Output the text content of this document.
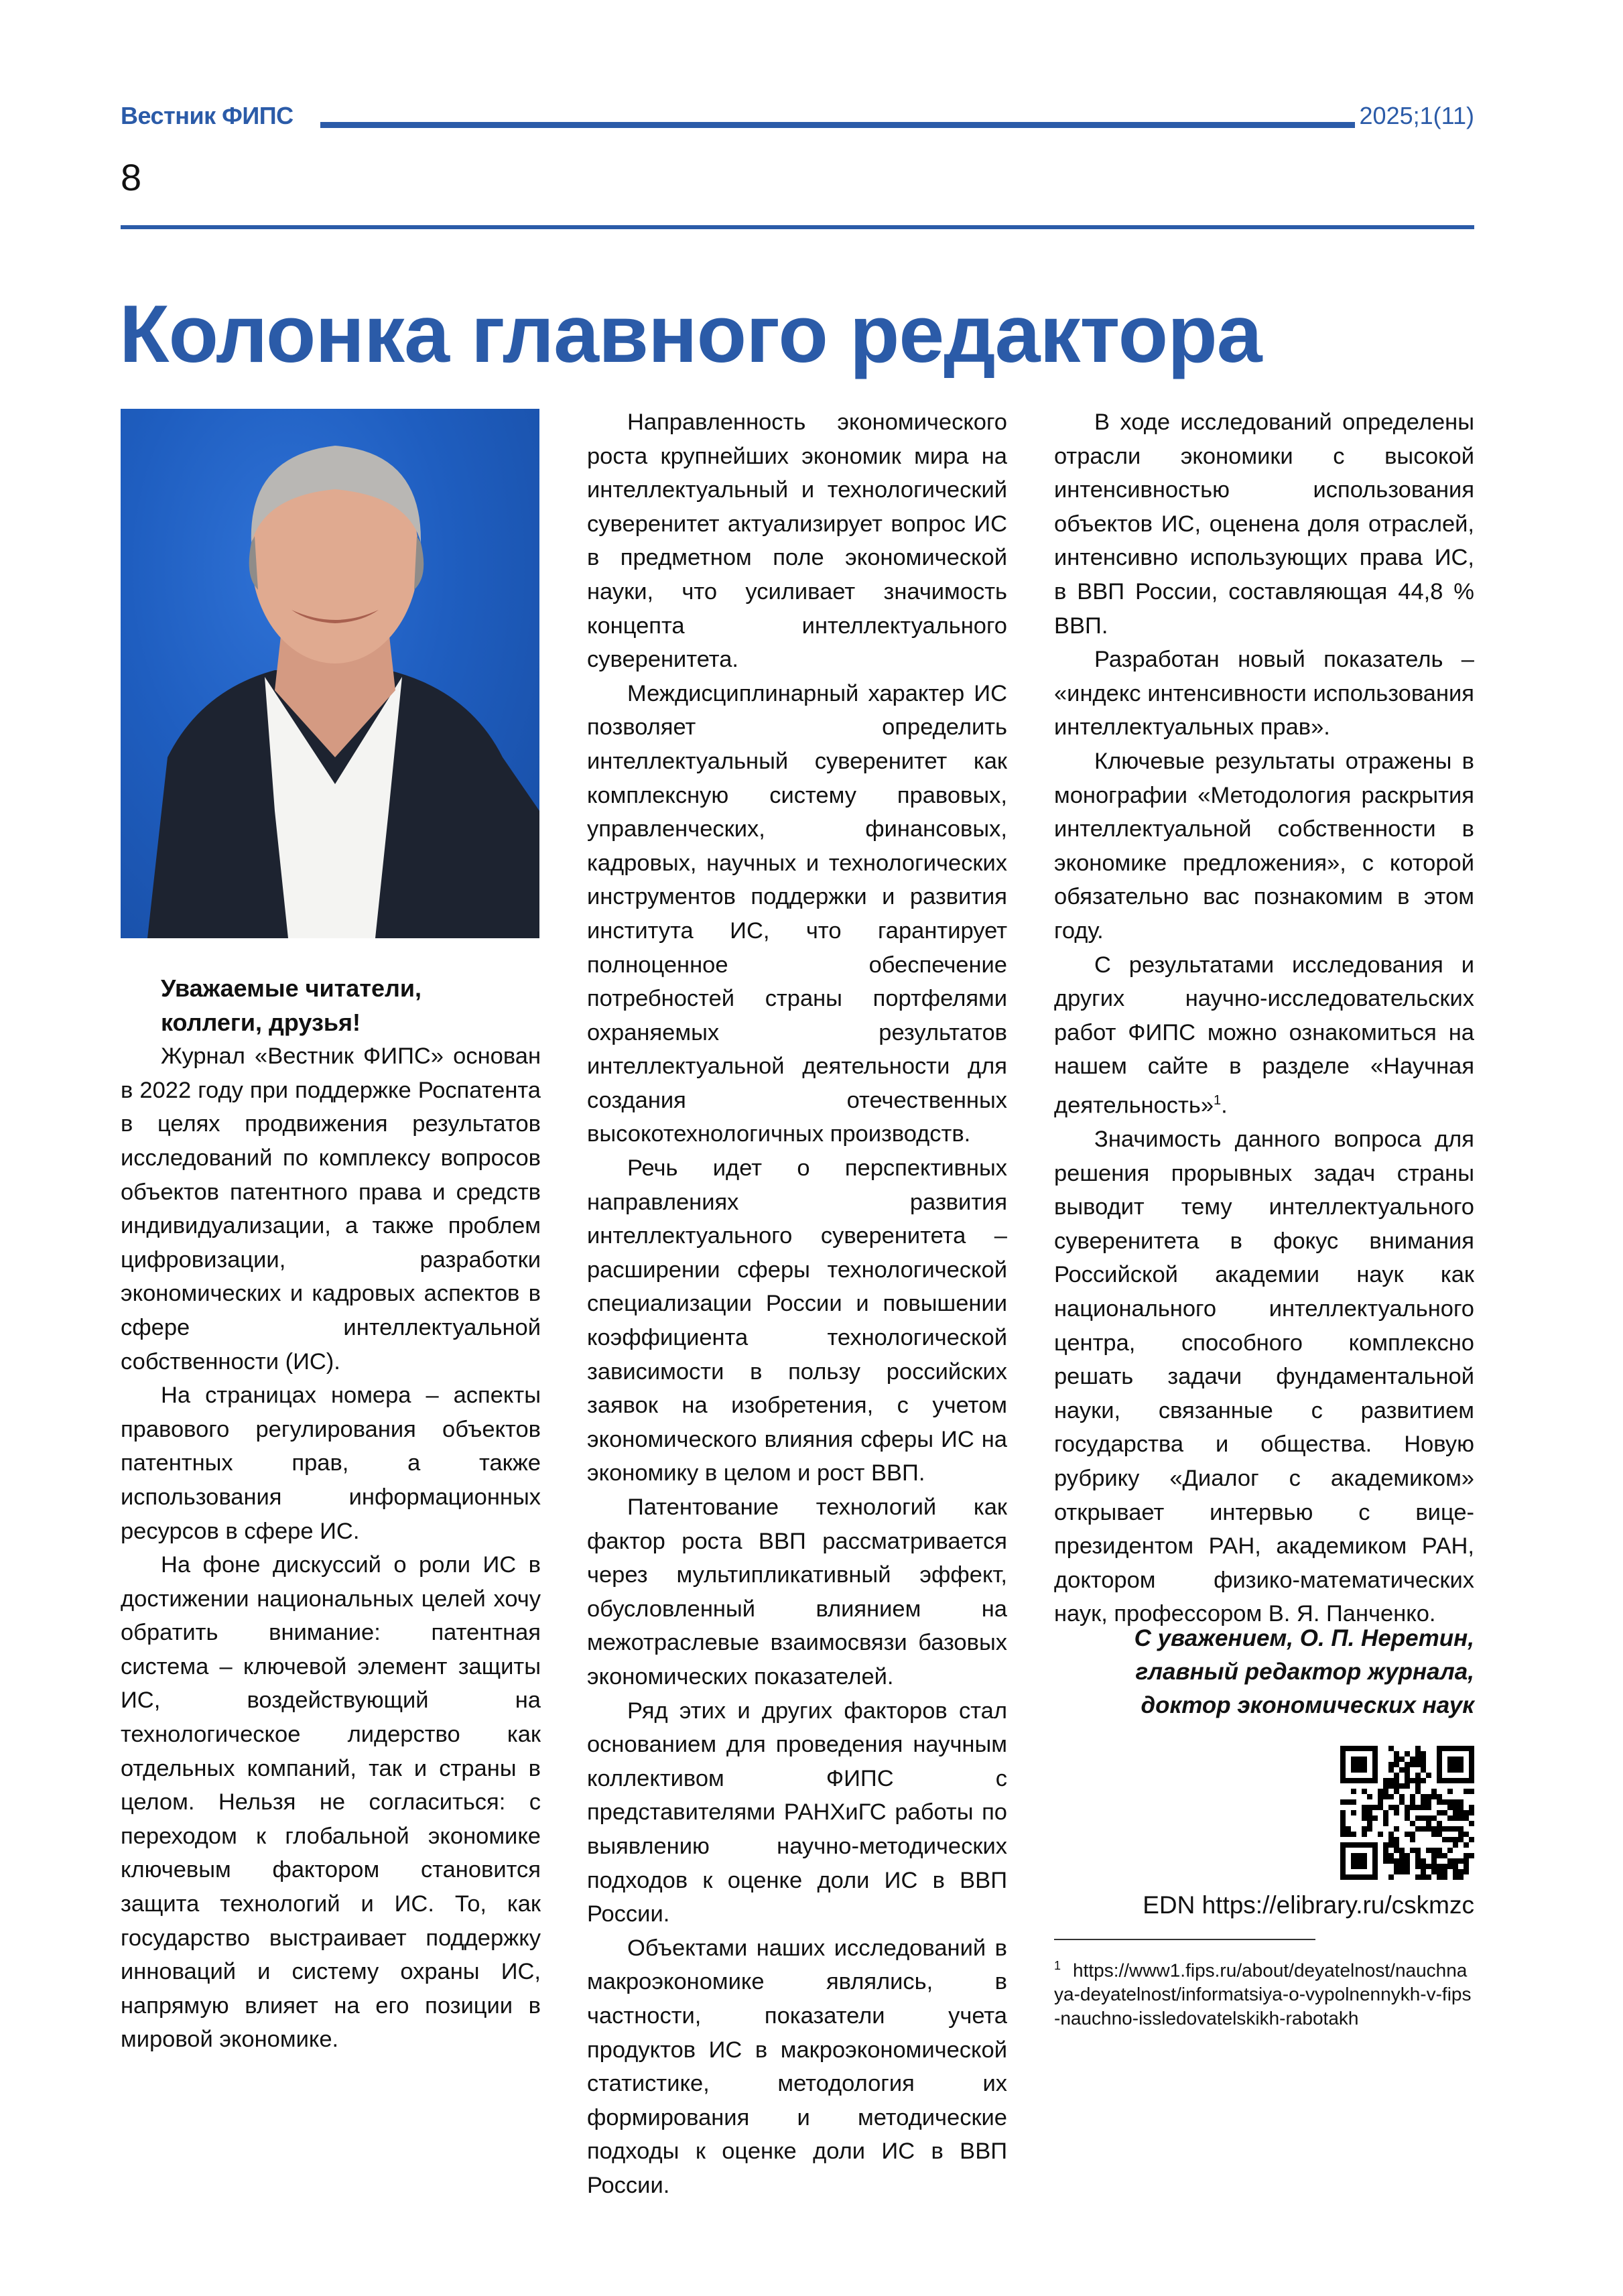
Вестник ФИПС	2025;1(11)
8
Колонка главного редактора
Уважаемые читатели,
коллеги, друзья!

Журнал «Вестник ФИПС» основан в 2022 году при поддержке Роспатента в целях продвижения результатов исследований по комплексу вопросов объектов патентного права и средств индивидуализации, а также проблем цифровизации, разработки экономических и кадровых аспектов в сфере интеллектуальной собственности (ИС).

На страницах номера – аспекты правового регулирования объектов патентных прав, а также использования информационных ресурсов в сфере ИС.

На фоне дискуссий о роли ИС в достижении национальных целей хочу обратить внимание: патентная система – ключевой элемент защиты ИС, воздействующий на технологическое лидерство как отдельных компаний, так и страны в целом. Нельзя не согласиться: с переходом к глобальной экономике ключевым фактором становится защита технологий и ИС. То, как государство выстраивает поддержку инноваций и систему охраны ИС, напрямую влияет на его позиции в мировой экономике.

Направленность экономического роста крупнейших экономик мира на интеллектуальный и технологический суверенитет актуализирует вопрос ИС в предметном поле экономической науки, что усиливает значимость концепта интеллектуального суверенитета.

Междисциплинарный характер ИС позволяет определить интеллектуальный суверенитет как комплексную систему правовых, управленческих, финансовых, кадровых, научных и технологических инструментов поддержки и развития института ИС, что гарантирует полноценное обеспечение потребностей страны портфелями охраняемых результатов интеллектуальной деятельности для создания отечественных высокотехнологичных производств.

Речь идет о перспективных направлениях развития интеллектуального суверенитета – расширении сферы технологической специализации России и повышении коэффициента технологической зависимости в пользу российских заявок на изобретения, с учетом экономического влияния сферы ИС на экономику в целом и рост ВВП.

Патентование технологий как фактор роста ВВП рассматривается через мультипликативный эффект, обусловленный влиянием на межотраслевые взаимосвязи базовых экономических показателей.

Ряд этих и других факторов стал основанием для проведения научным коллективом ФИПС с представителями РАНХиГС работы по выявлению научно-методических подходов к оценке доли ИС в ВВП России.

Объектами наших исследований в макроэкономике являлись, в частности, показатели учета продуктов ИС в макроэкономической статистике, методология их формирования и методические подходы к оценке доли ИС в ВВП России.

В ходе исследований определены отрасли экономики с высокой интенсивностью использования объектов ИС, оценена доля отраслей, интенсивно использующих права ИС, в ВВП России, составляющая 44,8 % ВВП.

Разработан новый показатель – «индекс интенсивности использования интеллектуальных прав».

Ключевые результаты отражены в монографии «Методология раскрытия интеллектуальной собственности в экономике предложения», с которой обязательно вас познакомим в этом году.

С результатами исследования и других научно-исследовательских работ ФИПС можно ознакомиться на нашем сайте в разделе «Научная деятельность»$^1$.

Значимость данного вопроса для решения прорывных задач страны выводит тему интеллектуального суверенитета в фокус внимания Российской академии наук как национального интеллектуального центра, способного комплексно решать задачи фундаментальной науки, связанные с развитием государства и общества. Новую рубрику «Диалог с академиком» открывает интервью с вице-президентом РАН, академиком РАН, доктором физико-математических наук, профессором В. Я. Панченко.

С уважением, О. П. Неретин,
главный редактор журнала,
доктор экономических наук
EDN https://elibrary.ru/cskmzc
$^1$ https://www1.fips.ru/about/deyatelnost/nauchnaya-deyatelnost/informatsiya-o-vypolnennykh-v-fips-nauchno-issledovatelskikh-rabotakh
